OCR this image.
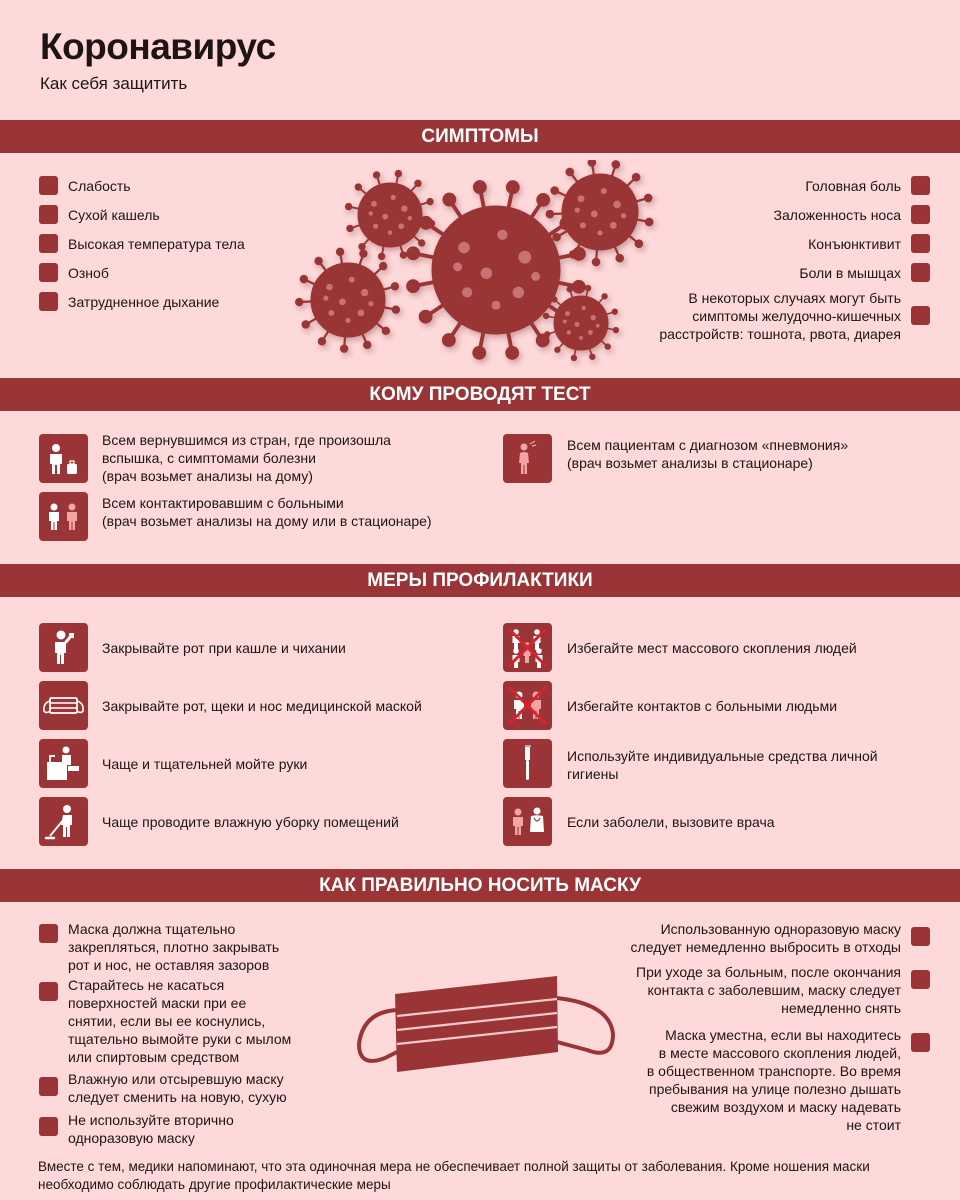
Коронавирус
Как себя защитить
СИМПТОМЫ
Слабость
Сухой кашель
Высокая температура тела
Озноб
Затрудненное дыхание
Головная боль
Заложенность носа
Конъюнктивит
Боли в мышцах
В некоторых случаях могут быть
симптомы желудочно-кишечных
расстройств: тошнота, рвота, диарея
КОМУ ПРОВОДЯТ ТЕСТ
Всем вернувшимся из стран, где произошла
вспышка, с симптомами болезни
(врач возьмет анализы на дому)
Всем контактировавшим с больными
(врач возьмет анализы на дому или в стационаре)
Всем пациентам с диагнозом «пневмония»
(врач возьмет анализы в стационаре)
МЕРЫ ПРОФИЛАКТИКИ
Закрывайте рот при кашле и чихании
Закрывайте рот, щеки и нос медицинской маской
Чаще и тщательней мойте руки
Чаще проводите влажную уборку помещений
Избегайте мест массового скопления людей
Избегайте контактов с больными людьми
Используйте индивидуальные средства личной
гигиены
Если заболели, вызовите врача
КАК ПРАВИЛЬНО НОСИТЬ МАСКУ
Маска должна тщательно
закрепляться, плотно закрывать
рот и нос, не оставляя зазоров
Старайтесь не касаться
поверхностей маски при ее
снятии, если вы ее коснулись,
тщательно вымойте руки с мылом
или спиртовым средством
Влажную или отсыревшую маску
следует сменить на новую, сухую
Не используйте вторично
одноразовую маску
Использованную одноразовую маску
следует немедленно выбросить в отходы
При уходе за больным, после окончания
контакта с заболевшим, маску следует
немедленно снять
Маска уместна, если вы находитесь
в месте массового скопления людей,
в общественном транспорте. Во время
пребывания на улице полезно дышать
свежим воздухом и маску надевать
не стоит
Вместе с тем, медики напоминают, что эта одиночная мера не обеспечивает полной защиты от заболевания. Кроме ношения маски необходимо соблюдать другие профилактические меры
